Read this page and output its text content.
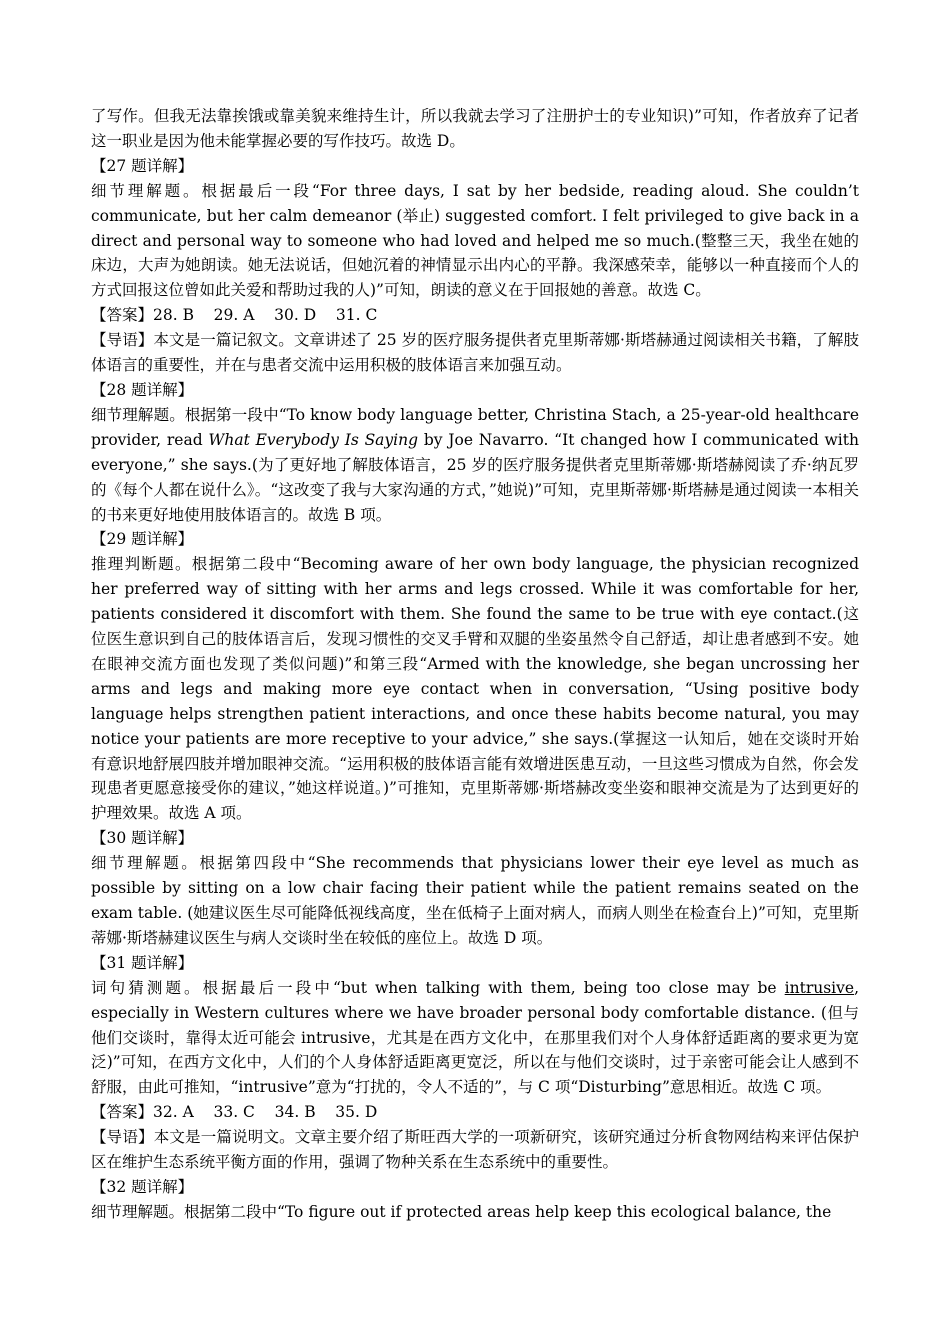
了写作。但我无法靠挨饿或靠美貌来维持生计，所以我就去学习了注册护士的专业知识)”可知，作者放弃了记者这一职业是因为他未能掌握必要的写作技巧。故选 D。

【27 题详解】

细节理解题。根据最后一段“For three days, I sat by her bedside, reading aloud. She couldn’t communicate, but her calm demeanor (举止) suggested comfort. I felt privileged to give back in a direct and personal way to someone who had loved and helped me so much.(整整三天，我坐在她的床边，大声为她朗读。她无法说话，但她沉着的神情显示出内心的平静。我深感荣幸，能够以一种直接而个人的方式回报这位曾如此关爱和帮助过我的人)”可知，朗读的意义在于回报她的善意。故选 C。

【答案】28. B    29. A    30. D    31. C

【导语】本文是一篇记叙文。文章讲述了 25 岁的医疗服务提供者克里斯蒂娜·斯塔赫通过阅读相关书籍，了解肢体语言的重要性，并在与患者交流中运用积极的肢体语言来加强互动。

【28 题详解】

细节理解题。根据第一段中“To know body language better, Christina Stach, a 25-year-old healthcare provider, read What Everybody Is Saying by Joe Navarro. “It changed how I communicated with everyone,” she says.(为了更好地了解肢体语言，25 岁的医疗服务提供者克里斯蒂娜·斯塔赫阅读了乔·纳瓦罗的《每个人都在说什么》。“这改变了我与大家沟通的方式，”她说)”可知，克里斯蒂娜·斯塔赫是通过阅读一本相关的书来更好地使用肢体语言的。故选 B 项。

【29 题详解】

推理判断题。根据第二段中“Becoming aware of her own body language, the physician recognized her preferred way of sitting with her arms and legs crossed. While it was comfortable for her, patients considered it discomfort with them. She found the same to be true with eye contact.(这位医生意识到自己的肢体语言后，发现习惯性的交叉手臂和双腿的坐姿虽然令自己舒适，却让患者感到不安。她在眼神交流方面也发现了类似问题)”和第三段“Armed with the knowledge, she began uncrossing her arms and legs and making more eye contact when in conversation, “Using positive body language helps strengthen patient interactions, and once these habits become natural, you may notice your patients are more receptive to your advice,” she says.(掌握这一认知后，她在交谈时开始有意识地舒展四肢并增加眼神交流。“运用积极的肢体语言能有效增进医患互动，一旦这些习惯成为自然，你会发现患者更愿意接受你的建议，”她这样说道。)”可推知，克里斯蒂娜·斯塔赫改变坐姿和眼神交流是为了达到更好的护理效果。故选 A 项。

【30 题详解】

细节理解题。根据第四段中“She recommends that physicians lower their eye level as much as possible by sitting on a low chair facing their patient while the patient remains seated on the exam table. (她建议医生尽可能降低视线高度，坐在低椅子上面对病人，而病人则坐在检查台上)”可知，克里斯蒂娜·斯塔赫建议医生与病人交谈时坐在较低的座位上。故选 D 项。

【31 题详解】

词句猜测题。根据最后一段中“but when talking with them, being too close may be intrusive, especially in Western cultures where we have broader personal body comfortable distance. (但与他们交谈时，靠得太近可能会 intrusive，尤其是在西方文化中，在那里我们对个人身体舒适距离的要求更为宽泛)”可知，在西方文化中，人们的个人身体舒适距离更宽泛，所以在与他们交谈时，过于亲密可能会让人感到不舒服，由此可推知，“intrusive”意为“打扰的，令人不适的”，与 C 项“Disturbing”意思相近。故选 C 项。

【答案】32. A    33. C    34. B    35. D

【导语】本文是一篇说明文。文章主要介绍了斯旺西大学的一项新研究，该研究通过分析食物网结构来评估保护区在维护生态系统平衡方面的作用，强调了物种关系在生态系统中的重要性。

【32 题详解】

细节理解题。根据第二段中“To figure out if protected areas help keep this ecological balance, the
